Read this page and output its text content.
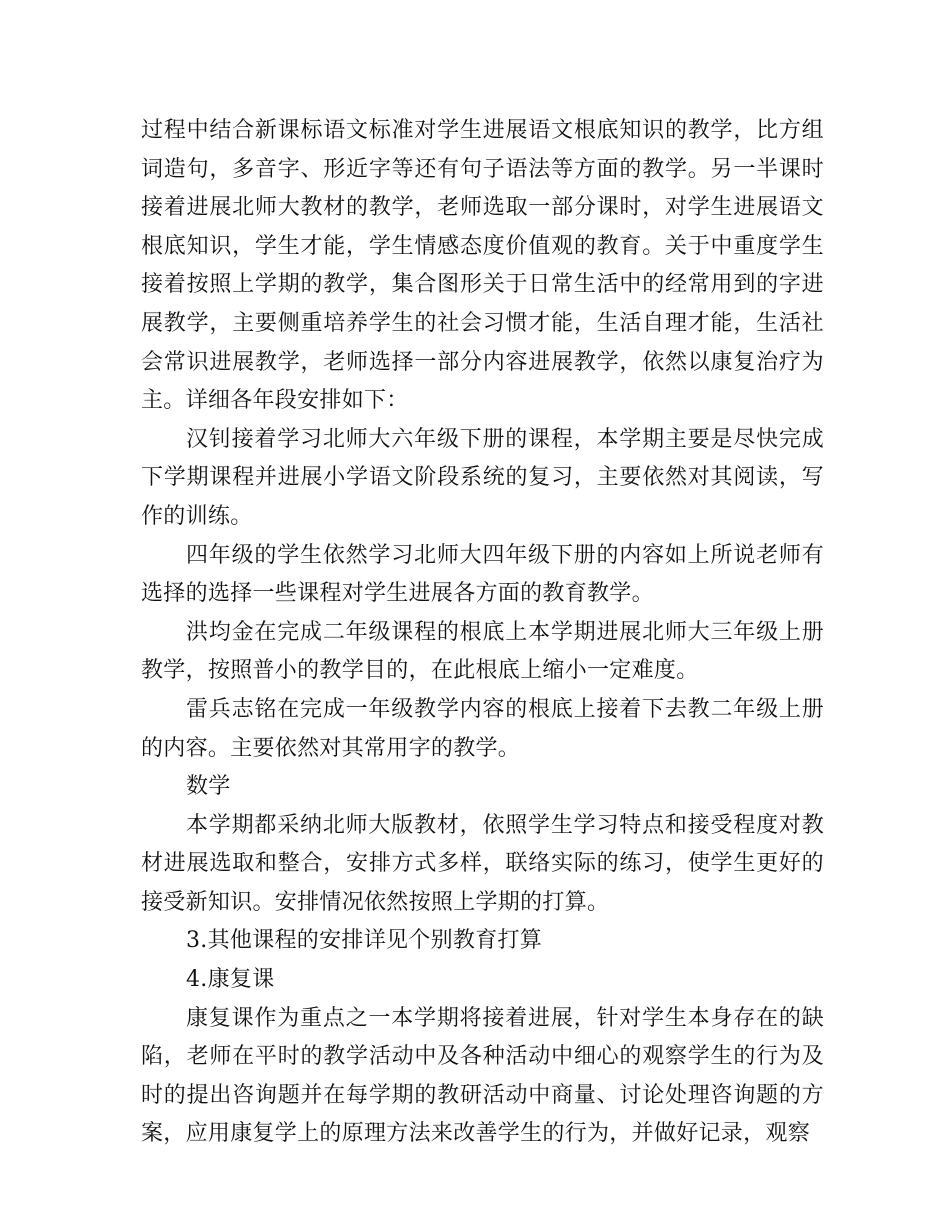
过程中结合新课标语文标准对学生进展语文根底知识的教学，比方组词造句，多音字、形近字等还有句子语法等方面的教学。另一半课时接着进展北师大教材的教学，老师选取一部分课时，对学生进展语文根底知识，学生才能，学生情感态度价值观的教育。关于中重度学生接着按照上学期的教学，集合图形关于日常生活中的经常用到的字进展教学，主要侧重培养学生的社会习惯才能，生活自理才能，生活社会常识进展教学，老师选择一部分内容进展教学，依然以康复治疗为主。详细各年段安排如下：

汉钊接着学习北师大六年级下册的课程，本学期主要是尽快完成下学期课程并进展小学语文阶段系统的复习，主要依然对其阅读，写作的训练。

四年级的学生依然学习北师大四年级下册的内容如上所说老师有选择的选择一些课程对学生进展各方面的教育教学。

洪均金在完成二年级课程的根底上本学期进展北师大三年级上册教学，按照普小的教学目的，在此根底上缩小一定难度。

雷兵志铭在完成一年级教学内容的根底上接着下去教二年级上册的内容。主要依然对其常用字的教学。

数学

本学期都采纳北师大版教材，依照学生学习特点和接受程度对教材进展选取和整合，安排方式多样，联络实际的练习，使学生更好的接受新知识。安排情况依然按照上学期的打算。

3.其他课程的安排详见个别教育打算

4.康复课

康复课作为重点之一本学期将接着进展，针对学生本身存在的缺陷，老师在平时的教学活动中及各种活动中细心的观察学生的行为及时的提出咨询题并在每学期的教研活动中商量、讨论处理咨询题的方案，应用康复学上的原理方法来改善学生的行为，并做好记录，观察
